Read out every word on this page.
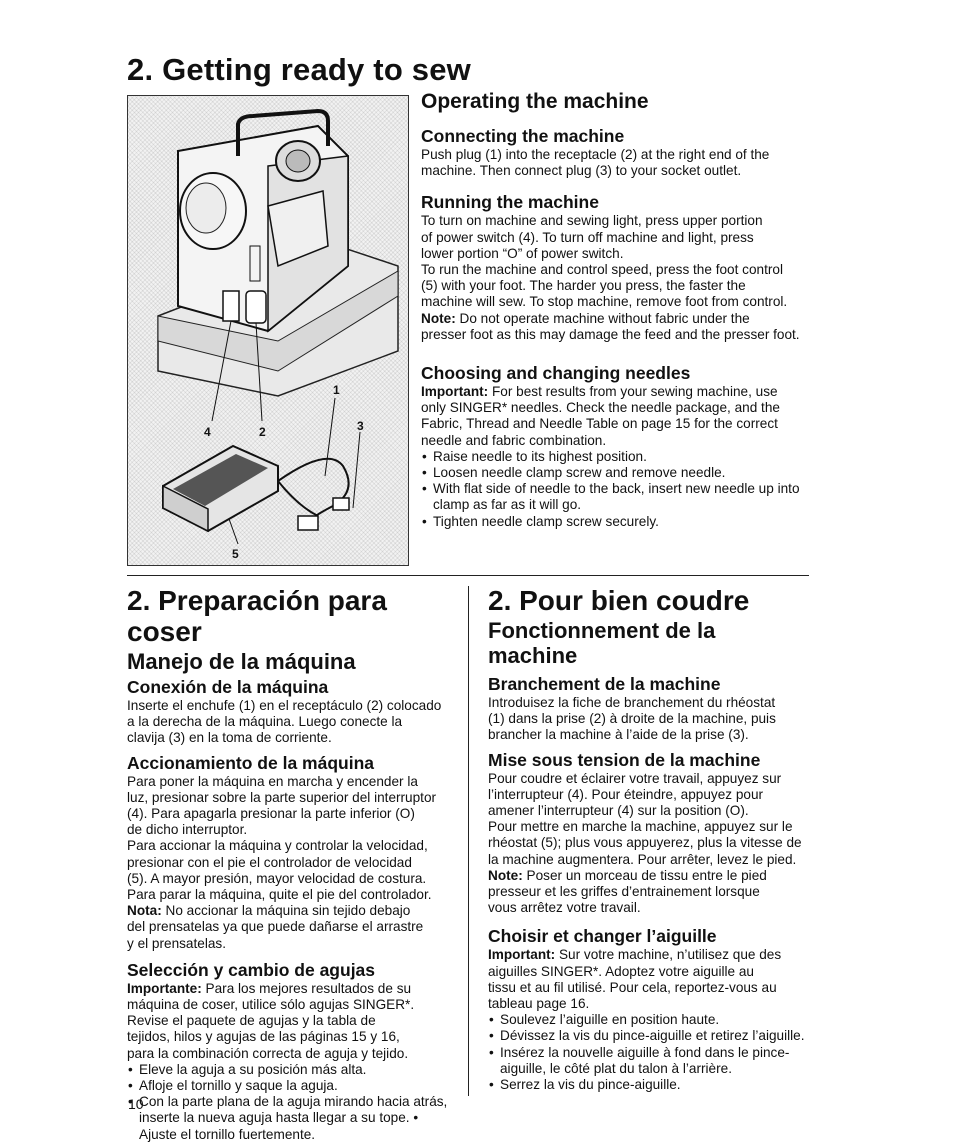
2. Getting ready to sew
1
2	3
4
5
Operating the machine
Connecting the machine
Push plug (1) into the receptacle (2) at the right end of the
machine. Then connect plug (3) to your socket outlet.
Running the machine
To turn on machine and sewing light, press upper portion
of power switch (4). To turn off machine and light, press
lower portion “O” of power switch.
To run the machine and control speed, press the foot control
(5) with your foot. The harder you press, the faster the
machine will sew. To stop machine, remove foot from control.
Note: Do not operate machine without fabric under the
presser foot as this may damage the feed and the presser foot.
Choosing and changing needles
Important: For best results from your sewing machine, use
only SINGER* needles. Check the needle package, and the
Fabric, Thread and Needle Table on page 15 for the correct
needle and fabric combination.
• Raise needle to its highest position.
• Loosen needle clamp screw and remove needle.
• With flat side of needle to the back, insert new needle up into clamp as far as it will go.
• Tighten needle clamp screw securely.
2. Preparación para coser
Manejo de la máquina
Conexión de la máquina
Inserte el enchufe (1) en el receptáculo (2) colocado
a la derecha de la máquina. Luego conecte la
clavija (3) en la toma de corriente.
Accionamiento de la máquina
Para poner la máquina en marcha y encender la
luz, presionar sobre la parte superior del interruptor
(4). Para apagarla presionar la parte inferior (O)
de dicho interruptor.
Para accionar la máquina y controlar la velocidad,
presionar con el pie el controlador de velocidad
(5). A mayor presión, mayor velocidad de costura.
Para parar la máquina, quite el pie del controlador.
Nota: No accionar la máquina sin tejido debajo
del prensatelas ya que puede dañarse el arrastre
y el prensatelas.
Selección y cambio de agujas
Importante: Para los mejores resultados de su
máquina de coser, utilice sólo agujas SINGER*.
Revise el paquete de agujas y la tabla de
tejidos, hilos y agujas de las páginas 15 y 16,
para la combinación correcta de aguja y tejido.
• Eleve la aguja a su posición más alta.
• Afloje el tornillo y saque la aguja.
• Con la parte plana de la aguja mirando hacia atrás, inserte la nueva aguja hasta llegar a su tope. • Ajuste el tornillo fuertemente.
2. Pour bien coudre
Fonctionnement de la
machine
Branchement de la machine
Introduisez la fiche de branchement du rhéostat
(1) dans la prise (2) à droite de la machine, puis
brancher la machine à l’aide de la prise (3).
Mise sous tension de la machine
Pour coudre et éclairer votre travail, appuyez sur
l’interrupteur (4). Pour éteindre, appuyez pour
amener l’interrupteur (4) sur la position (O).
Pour mettre en marche la machine, appuyez sur le
rhéostat (5); plus vous appuyerez, plus la vitesse de
la machine augmentera. Pour arrêter, levez le pied.
Note: Poser un morceau de tissu entre le pied
presseur et les griffes d’entrainement lorsque
vous arrêtez votre travail.
Choisir et changer l’aiguille
Important: Sur votre machine, n’utilisez que des
aiguilles SINGER*. Adoptez votre aiguille au
tissu et au fil utilisé. Pour cela, reportez-vous au
tableau page 16.
• Soulevez l’aiguille en position haute.
• Dévissez la vis du pince-aiguille et retirez l’aiguille.
• Insérez la nouvelle aiguille à fond dans le pince-aiguille, le côté plat du talon à l’arrière.
• Serrez la vis du pince-aiguille.
10
